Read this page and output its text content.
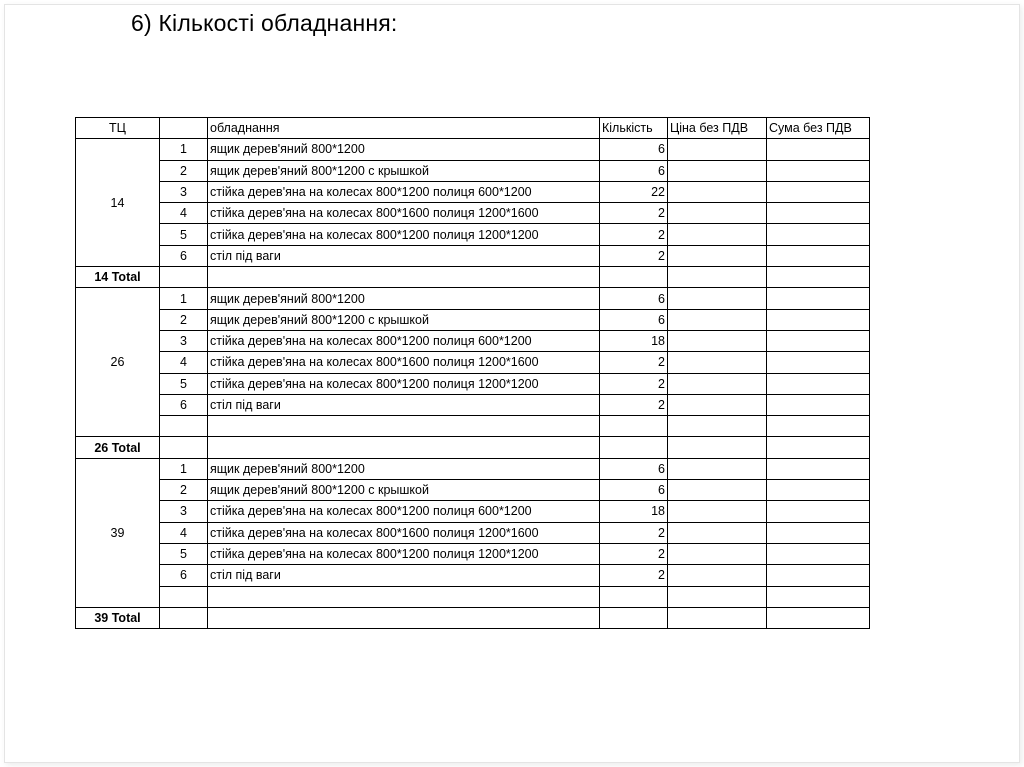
6) Кількості обладнання:
ТЦ		обладнання	Кількість	Ціна без ПДВ	Сума без ПДВ
14	1	ящик дерев'яний 800*1200	6		
	2	ящик дерев'яний 800*1200 с крышкой	6		
	3	стійка дерев'яна на колесах 800*1200 полиця 600*1200	22		
	4	стійка дерев'яна на колесах 800*1600 полиця 1200*1600	2		
	5	стійка дерев'яна на колесах 800*1200 полиця 1200*1200	2		
	6	стіл під ваги	2		
14 Total					
26	1	ящик дерев'яний 800*1200	6		
	2	ящик дерев'яний 800*1200 с крышкой	6		
	3	стійка дерев'яна на колесах 800*1200 полиця 600*1200	18		
	4	стійка дерев'яна на колесах 800*1600 полиця 1200*1600	2		
	5	стійка дерев'яна на колесах 800*1200 полиця 1200*1200	2		
	6	стіл під ваги	2		

26 Total					
39	1	ящик дерев'яний 800*1200	6		
	2	ящик дерев'яний 800*1200 с крышкой	6		
	3	стійка дерев'яна на колесах 800*1200 полиця 600*1200	18		
	4	стійка дерев'яна на колесах 800*1600 полиця 1200*1600	2		
	5	стійка дерев'яна на колесах 800*1200 полиця 1200*1200	2		
	6	стіл під ваги	2		

39 Total					
